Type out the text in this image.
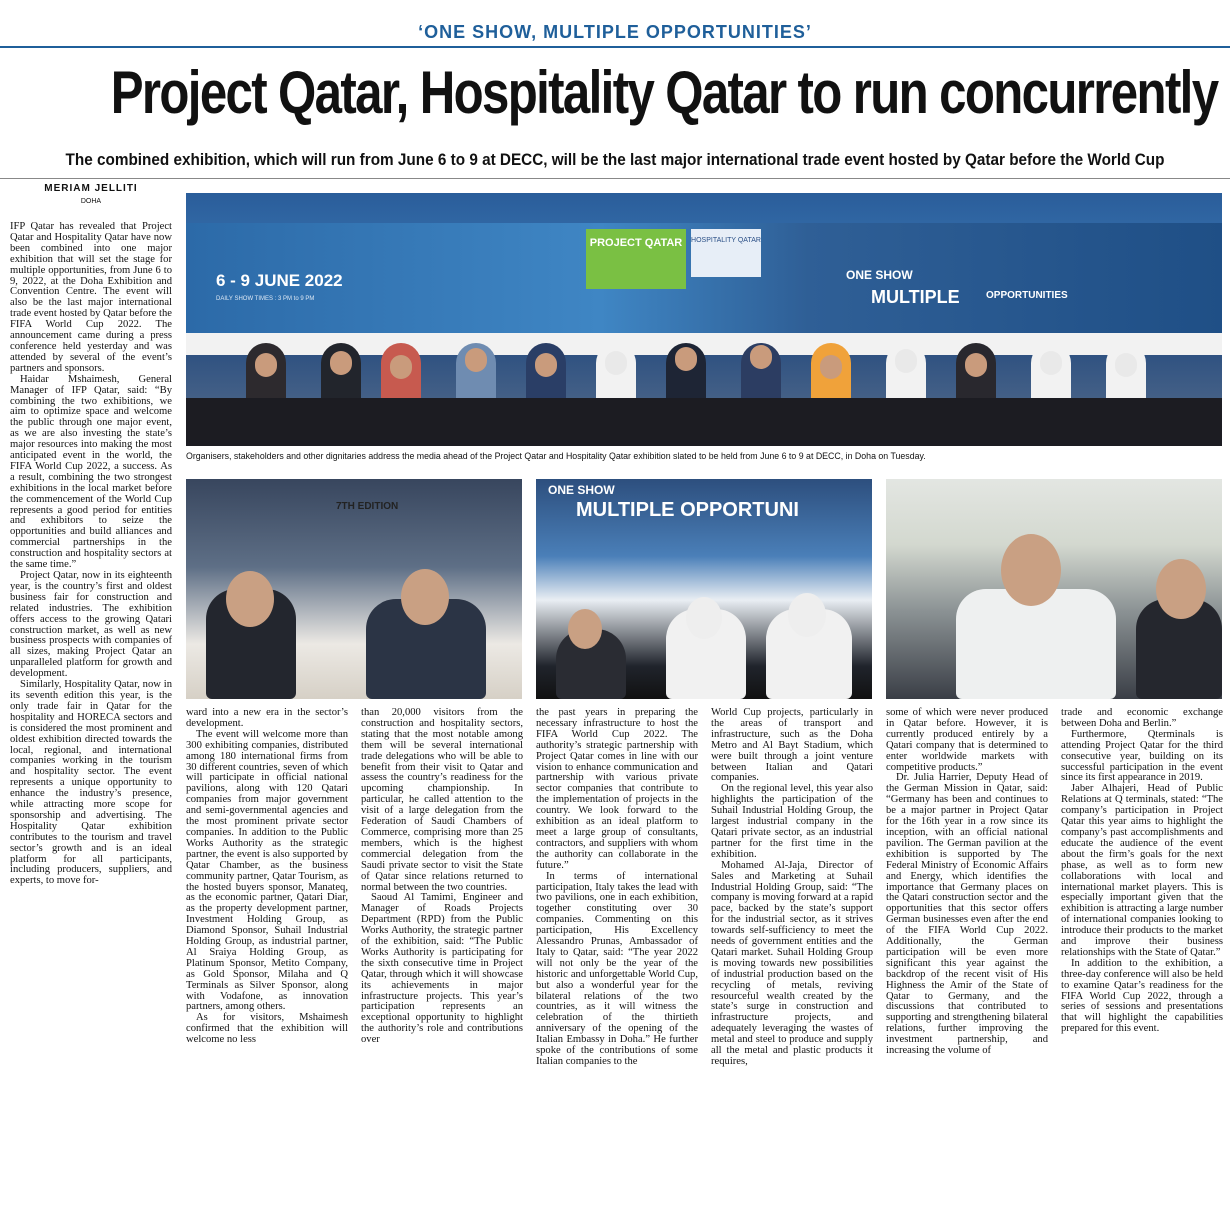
‘ONE SHOW, MULTIPLE OPPORTUNITIES’
Project Qatar, Hospitality Qatar to run concurrently
The combined exhibition, which will run from June 6 to 9 at DECC, will be the last major international trade event hosted by Qatar before the World Cup
MERIAM JELLITI
DOHA
6 - 9 JUNE 2022
DAILY SHOW TIMES : 3 PM to 9 PM
PROJECT QATAR	HOSPITALITY QATAR
ONE SHOW
MULTIPLE	OPPORTUNITIES
Organisers, stakeholders and other dignitaries address the media ahead of the Project Qatar and Hospitality Qatar exhibition slated to be held from June 6 to 9 at DECC, in Doha on Tuesday.
7TH EDITION
ONE SHOW
MULTIPLE OPPORTUNI

IFP Qatar has revealed that Project Qatar and Hospitality Qatar have now been combined into one major exhibition that will set the stage for multiple opportunities, from June 6 to 9, 2022, at the Doha Exhibition and Convention Centre. The event will also be the last major international trade event hosted by Qatar before the FIFA World Cup 2022. The announcement came during a press conference held yesterday and was attended by several of the event’s partners and sponsors.

Haidar Mshaimesh, General Manager of IFP Qatar, said: “By combining the two exhibitions, we aim to optimize space and welcome the public through one major event, as we are also investing the state’s major resources into making the most anticipated event in the world, the FIFA World Cup 2022, a success. As a result, combining the two strongest exhibitions in the local market before the commencement of the World Cup represents a good period for entities and exhibitors to seize the opportunities and build alliances and commercial partnerships in the construction and hospitality sectors at the same time.”

Project Qatar, now in its eighteenth year, is the country’s first and oldest business fair for construction and related industries. The exhibition offers access to the growing Qatari construction market, as well as new business prospects with companies of all sizes, making Project Qatar an unparalleled platform for growth and development.

Similarly, Hospitality Qatar, now in its seventh edition this year, is the only trade fair in Qatar for the hospitality and HORECA sectors and is considered the most prominent and oldest exhibition directed towards the local, regional, and international companies working in the tourism and hospitality sector. The event represents a unique opportunity to enhance the industry’s presence, while attracting more scope for sponsorship and advertising. The Hospitality Qatar exhibition contributes to the tourism and travel sector’s growth and is an ideal platform for all participants, including producers, suppliers, and experts, to move for-

ward into a new era in the sector’s development.

The event will welcome more than 300 exhibiting companies, distributed among 180 international firms from 30 different countries, seven of which will participate in official national pavilions, along with 120 Qatari companies from major government and semi-governmental agencies and the most prominent private sector companies. In addition to the Public Works Authority as the strategic partner, the event is also supported by Qatar Chamber, as the business community partner, Qatar Tourism, as the hosted buyers sponsor, Manateq, as the economic partner, Qatari Diar, as the property development partner, Investment Holding Group, as Diamond Sponsor, Suhail Industrial Holding Group, as industrial partner, Al Sraiya Holding Group, as Platinum Sponsor, Metito Company, as Gold Sponsor, Milaha and Q Terminals as Silver Sponsor, along with Vodafone, as innovation partners, among others.

As for visitors, Mshaimesh confirmed that the exhibition will welcome no less

than 20,000 visitors from the construction and hospitality sectors, stating that the most notable among them will be several international trade delegations who will be able to benefit from their visit to Qatar and assess the country’s readiness for the upcoming championship. In particular, he called attention to the visit of a large delegation from the Federation of Saudi Chambers of Commerce, comprising more than 25 members, which is the highest commercial delegation from the Saudi private sector to visit the State of Qatar since relations returned to normal between the two countries.

Saoud Al Tamimi, Engineer and Manager of Roads Projects Department (RPD) from the Public Works Authority, the strategic partner of the exhibition, said: “The Public Works Authority is participating for the sixth consecutive time in Project Qatar, through which it will showcase its achievements in major infrastructure projects. This year’s participation represents an exceptional opportunity to highlight the authority’s role and contributions over

the past years in preparing the necessary infrastructure to host the FIFA World Cup 2022. The authority’s strategic partnership with Project Qatar comes in line with our vision to enhance communication and partnership with various private sector companies that contribute to the implementation of projects in the country. We look forward to the exhibition as an ideal platform to meet a large group of consultants, contractors, and suppliers with whom the authority can collaborate in the future.”

In terms of international participation, Italy takes the lead with two pavilions, one in each exhibition, together constituting over 30 companies. Commenting on this participation, His Excellency Alessandro Prunas, Ambassador of Italy to Qatar, said: “The year 2022 will not only be the year of the historic and unforgettable World Cup, but also a wonderful year for the bilateral relations of the two countries, as it will witness the celebration of the thirtieth anniversary of the opening of the Italian Embassy in Doha.” He further spoke of the contributions of some Italian companies to the

World Cup projects, particularly in the areas of transport and infrastructure, such as the Doha Metro and Al Bayt Stadium, which were built through a joint venture between Italian and Qatari companies.

On the regional level, this year also highlights the participation of the Suhail Industrial Holding Group, the largest industrial company in the Qatari private sector, as an industrial partner for the first time in the exhibition.

Mohamed Al-Jaja, Director of Sales and Marketing at Suhail Industrial Holding Group, said: “The company is moving forward at a rapid pace, backed by the state’s support for the industrial sector, as it strives towards self-sufficiency to meet the needs of government entities and the Qatari market. Suhail Holding Group is moving towards new possibilities of industrial production based on the recycling of metals, reviving resourceful wealth created by the state’s surge in construction and infrastructure projects, and adequately leveraging the wastes of metal and steel to produce and supply all the metal and plastic products it requires,

some of which were never produced in Qatar before. However, it is currently produced entirely by a Qatari company that is determined to enter worldwide markets with competitive products.”

Dr. Julia Harrier, Deputy Head of the German Mission in Qatar, said: “Germany has been and continues to be a major partner in Project Qatar for the 16th year in a row since its inception, with an official national pavilion. The German pavilion at the exhibition is supported by The Federal Ministry of Economic Affairs and Energy, which identifies the importance that Germany places on the Qatari construction sector and the opportunities that this sector offers German businesses even after the end of the FIFA World Cup 2022. Additionally, the German participation will be even more significant this year against the backdrop of the recent visit of His Highness the Amir of the State of Qatar to Germany, and the discussions that contributed to supporting and strengthening bilateral relations, further improving the investment partnership, and increasing the volume of

trade and economic exchange between Doha and Berlin.”

Furthermore, Qterminals is attending Project Qatar for the third consecutive year, building on its successful participation in the event since its first appearance in 2019.

Jaber Alhajeri, Head of Public Relations at Q terminals, stated: “The company’s participation in Project Qatar this year aims to highlight the company’s past accomplishments and educate the audience of the event about the firm’s goals for the next phase, as well as to form new collaborations with local and international market players. This is especially important given that the exhibition is attracting a large number of international companies looking to introduce their products to the market and improve their business relationships with the State of Qatar.”

In addition to the exhibition, a three-day conference will also be held to examine Qatar’s readiness for the FIFA World Cup 2022, through a series of sessions and presentations that will highlight the capabilities prepared for this event.
